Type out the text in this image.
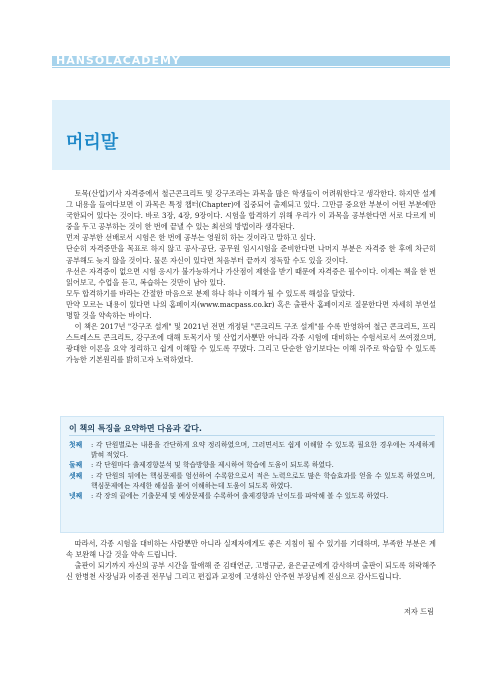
HANSOLACADEMY
머리말

토목(산업)기사 자격증에서 철근콘크리트 및 강구조라는 과목을 많은 학생들이 어려워한다고 생각한다. 하지만 설계 그 내용을 들여다보면 이 과목은 특정 챕터(Chapter)에 집중되어 출제되고 있다. 그만큼 중요한 부분이 어떤 부분에만 국한되어 있다는 것이다. 바로 3장, 4장, 9장이다. 시험을 합격하기 위해 우리가 이 과목을 공부한다면 서로 다르게 비중을 두고 공부하는 것이 한 번에 끝낼 수 있는 최선의 방법이라 생각된다.

먼저 공부한 선배로서 시험은 한 번에 공부는 영원히 하는 것이라고 말하고 싶다.

단순히 자격증만을 목표로 하지 않고 공사·공단, 공무원 임시시험을 준비한다면 나머지 부분은 자격증 한 후에 차근히 공부해도 늦지 않을 것이다. 물론 자신이 있다면 처음부터 끝까지 정독할 수도 있을 것이다.

우선은 자격증이 없으면 시험 응시가 불가능하거나 가산점이 제한을 받기 때문에 자격증은 필수이다. 이제는 책을 한 번 읽어보고, 수업을 듣고, 복습하는 것만이 남아 있다.

모두 합격하기를 바라는 간절한 마음으로 분제 하나 하나 이해가 될 수 있도록 해설을 달았다.

만약 모르는 내용이 있다면 나의 홈페이지(www.macpass.co.kr) 혹은 출판사 홈페이지로 질문한다면 자세히 부연설명할 것을 약속하는 바이다.

이 책은 2017년 "강구조 설계" 및 2021년 전면 개정된 "콘크리트 구조 설계"를 수록 반영하여 철근 콘크리트, 프리스트레스트 콘크리트, 강구조에 대해 토목기사 및 산업기사뿐만 아니라 각종 시험에 대비하는 수험서로서 쓰여졌으며, 광대한 이론을 요약 정리하고 쉽게 이해할 수 있도록 꾸몄다. 그리고 단순한 암기보다는 이해 위주로 학습할 수 있도록 가능한 기본원리를 밝히고자 노력하였다.

이 책의 특징을 요약하면 다음과 같다.
첫째	: 각 단원별로는 내용을 간단하게 요약 정리하였으며, 그러면서도 쉽게 이해할 수 있도록 필요한 경우에는 자세하게 밝혀 적었다.
둘째	: 각 단원마다 출제경향분석 및 학습방향을 제시하여 학습에 도움이 되도록 하였다.
셋째	: 각 단원의 뒤에는 핵심문제를 엄선하여 수록함으로서 적은 노력으로도 많은 학습효과를 얻을 수 있도록 하였으며, 핵심문제에는 자세한 해설을 붙여 이해하는데 도움이 되도록 하였다.
넷째	: 각 장의 끝에는 기출문제 및 예상문제를 수록하여 출제경향과 난이도를 파악해 볼 수 있도록 하였다.

따라서, 각종 시험을 대비하는 사람뿐만 아니라 실제자에게도 좋은 지침이 될 수 있기를 기대하며, 부족한 부분은 계속 보완해 나갈 것을 약속 드립니다.

출판이 되기까지 자신의 공부 시간을 할애해 준 김태연군, 고병규군, 윤은균군에게 감사하며 출판이 되도록 허락해주신 한병천 사장님과 이종권 전무님 그리고 편집과 교정에 고생하신 안주현 부장님께 진심으로 감사드립니다.

저자 드림
